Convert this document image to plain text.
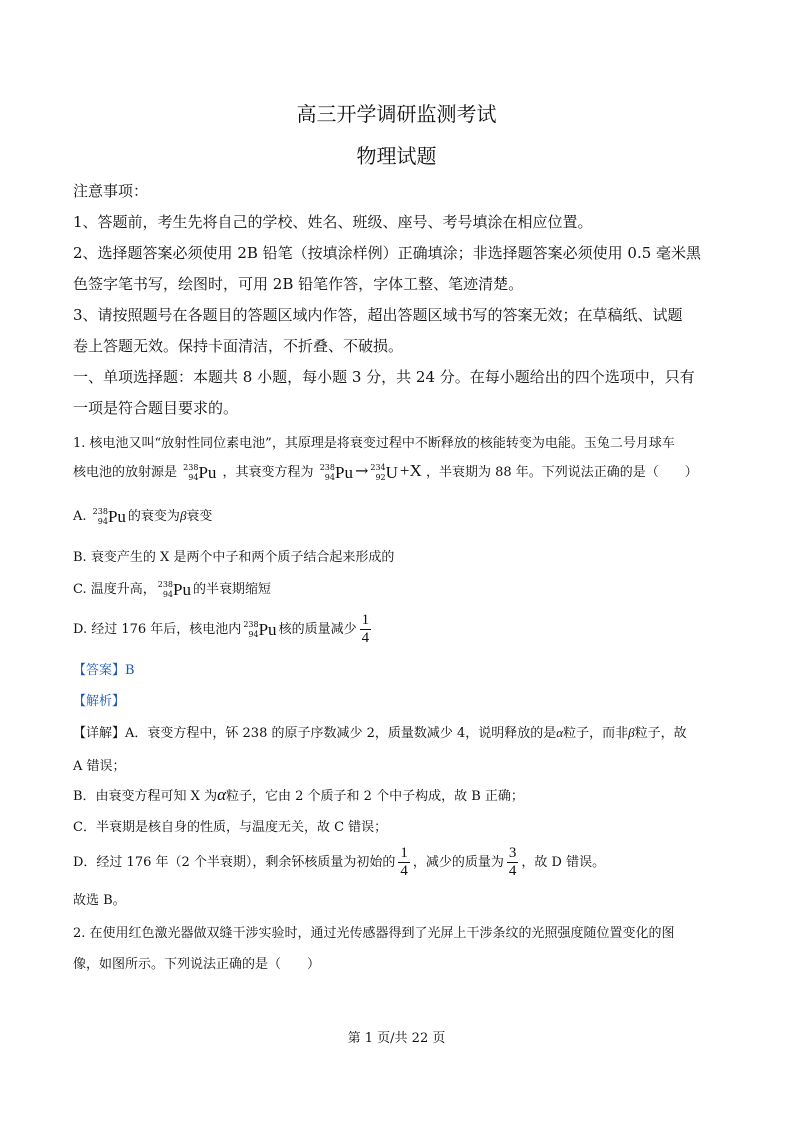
高三开学调研监测考试
物理试题
注意事项：
1、答题前，考生先将自己的学校、姓名、班级、座号、考号填涂在相应位置。
2、选择题答案必须使用 2B 铅笔（按填涂样例）正确填涂；非选择题答案必须使用 0.5 毫米黑
色签字笔书写，绘图时，可用 2B 铅笔作答，字体工整、笔迹清楚。
3、请按照题号在各题目的答题区域内作答，超出答题区域书写的答案无效；在草稿纸、试题
卷上答题无效。保持卡面清洁，不折叠、不破损。
一、单项选择题：本题共 8 小题，每小题 3 分，共 24 分。在每小题给出的四个选项中，只有
一项是符合题目要求的。
1. 核电池又叫“放射性同位素电池”，其原理是将衰变过程中不断释放的核能转变为电能。玉兔二号月球车
核电池的放射源是 238
94 Pu ，其衰变方程为 238
94 Pu → 234
92 U +X ，半衰期为 88 年。下列说法正确的是（　　）
A. 238
94 Pu 的衰变为β衰变
B. 衰变产生的 X 是两个中子和两个质子结合起来形成的
C. 温度升高， 238
94 Pu 的半衰期缩短
D. 经过 176 年后，核电池内 238
94 Pu 核的质量减少 $\frac{1}{4}$
【答案】B
【解析】
【详解】A．衰变方程中，钚 238 的原子序数减少 2，质量数减少 4，说明释放的是α粒子，而非β粒子，故
A 错误；
B．由衰变方程可知 X 为α粒子，它由 2 个质子和 2 个中子构成，故 B 正确；
C．半衰期是核自身的性质，与温度无关，故 C 错误；
D．经过 176 年（2 个半衰期），剩余钚核质量为初始的 $\frac{1}{4}$ ，减少的质量为 $\frac{3}{4}$ ，故 D 错误。
故选 B。
2. 在使用红色激光器做双缝干涉实验时，通过光传感器得到了光屏上干涉条纹的光照强度随位置变化的图
像，如图所示。下列说法正确的是（　　）
第 1 页/共 22 页
